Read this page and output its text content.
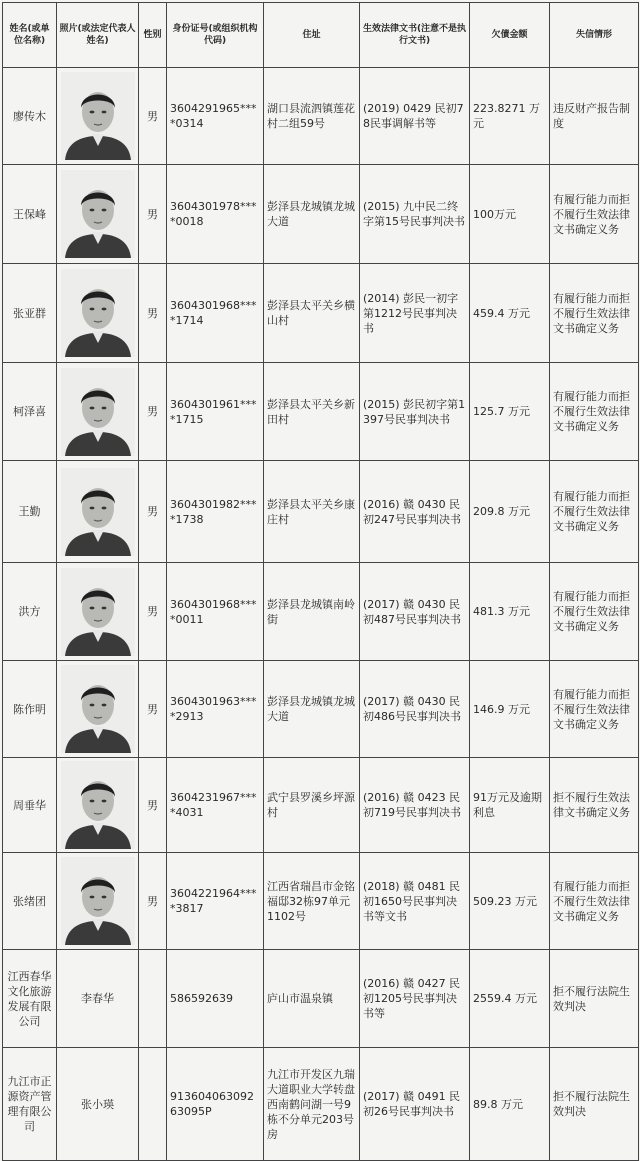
姓名(或单位名称)	照片(或法定代表人姓名)	性别	身份证号(或组织机构代码)	住址	生效法律文书(注意不是执行文书)	欠債金额	失信情形
廖传木		男	3604291965****0314	湖口县流泗镇莲花村二组59号	(2019) 0429 民初78民事调解书等	223.8271 万元	违反财产报告制度
王保峰		男	3604301978****0018	彭泽县龙城镇龙城大道	(2015) 九中民二终字第15号民事判决书	100万元	有履行能力而拒不履行生效法律文书确定义务
张亚群		男	3604301968****1714	彭泽县太平关乡横山村	(2014) 彭民一初字第1212号民事判决书	459.4 万元	有履行能力而拒不履行生效法律文书确定义务
柯泽喜		男	3604301961****1715	彭泽县太平关乡新田村	(2015) 彭民初字第1397号民事判决书	125.7 万元	有履行能力而拒不履行生效法律文书确定义务
王勤		男	3604301982****1738	彭泽县太平关乡康庄村	(2016) 赣 0430 民初247号民事判决书	209.8 万元	有履行能力而拒不履行生效法律文书确定义务
洪方		男	3604301968****0011	彭泽县龙城镇南岭街	(2017) 赣 0430 民初487号民事判决书	481.3 万元	有履行能力而拒不履行生效法律文书确定义务
陈作明		男	3604301963****2913	彭泽县龙城镇龙城大道	(2017) 赣 0430 民初486号民事判决书	146.9 万元	有履行能力而拒不履行生效法律文书确定义务
周垂华		男	3604231967****4031	武宁县罗溪乡坪源村	(2016) 赣 0423 民初719号民事判决书	91万元及逾期利息	拒不履行生效法律文书确定义务
张绪团		男	3604221964****3817	江西省瑞昌市金铭福邸32栋97单元1102号	(2018) 赣 0481 民初1650号民事判决书等文书	509.23 万元	有履行能力而拒不履行生效法律文书确定义务
江西春华文化旅游发展有限公司	李春华		586592639	庐山市温泉镇	(2016) 赣 0427 民初1205号民事判决书等	2559.4 万元	拒不履行法院生效判决
九江市正源资产管理有限公司	张小瑛		91360406309263095P	九江市开发区九瑞大道职业大学转盘西南鹤问湖一号9栋不分单元203号房	(2017) 赣 0491 民初26号民事判决书	89.8 万元	拒不履行法院生效判决
